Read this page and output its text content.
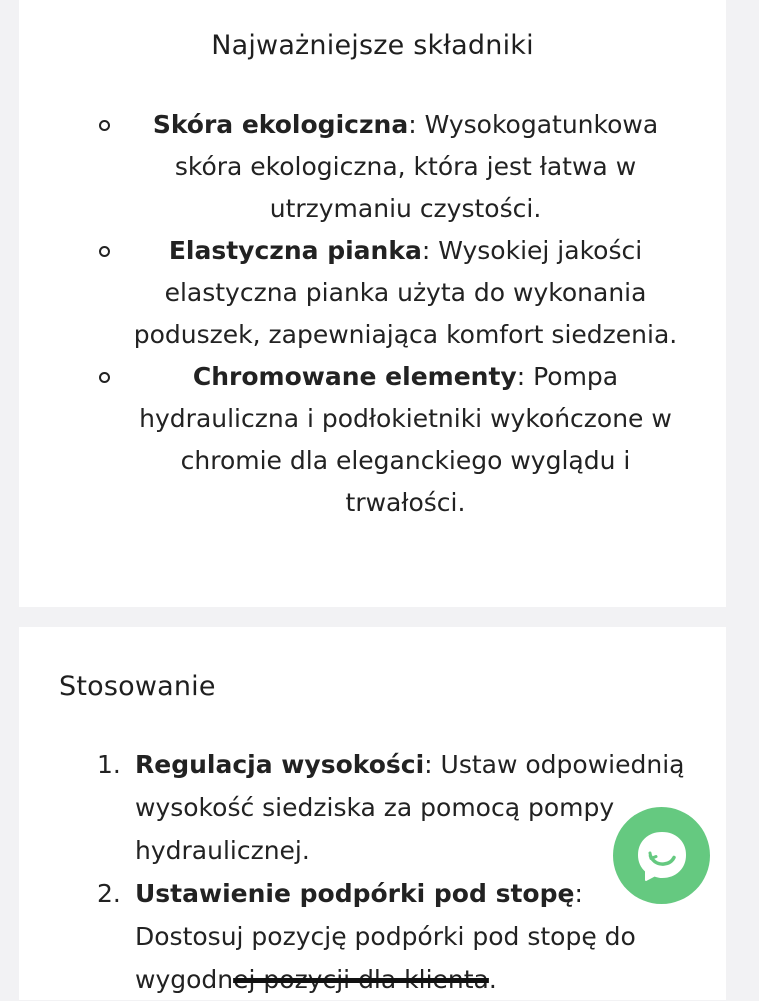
Najważniejsze składniki
Skóra ekologiczna: Wysokogatunkowa skóra ekologiczna, która jest łatwa w utrzymaniu czystości.
Elastyczna pianka: Wysokiej jakości elastyczna pianka użyta do wykonania poduszek, zapewniająca komfort siedzenia.
Chromowane elementy: Pompa hydrauliczna i podłokietniki wykończone w chromie dla eleganckiego wyglądu i trwałości.
Stosowanie
1. Regulacja wysokości: Ustaw odpowiednią wysokość siedziska za pomocą pompy hydraulicznej.
2. Ustawienie podpórki pod stopę: Dostosuj pozycję podpórki pod stopę do wygodnej pozycji dla klienta.
